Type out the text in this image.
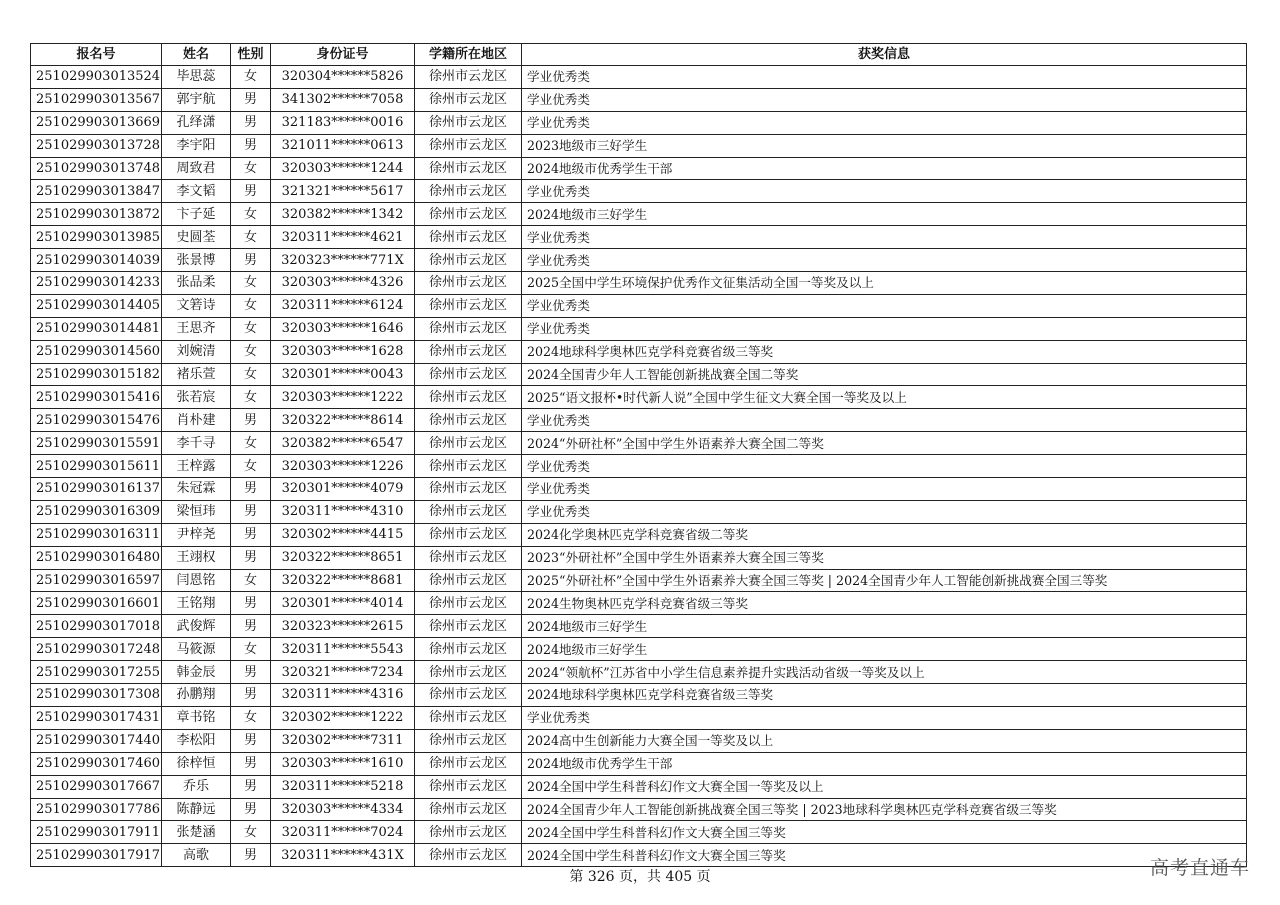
报名号	姓名	性别	身份证号	学籍所在地区	获奖信息
251029903013524	毕思蕊	女	320304******5826	徐州市云龙区	学业优秀类
251029903013567	郭宇航	男	341302******7058	徐州市云龙区	学业优秀类
251029903013669	孔绎潇	男	321183******0016	徐州市云龙区	学业优秀类
251029903013728	李宇阳	男	321011******0613	徐州市云龙区	2023地级市三好学生
251029903013748	周致君	女	320303******1244	徐州市云龙区	2024地级市优秀学生干部
251029903013847	李文韬	男	321321******5617	徐州市云龙区	学业优秀类
251029903013872	卞子延	女	320382******1342	徐州市云龙区	2024地级市三好学生
251029903013985	史圆荃	女	320311******4621	徐州市云龙区	学业优秀类
251029903014039	张景博	男	320323******771X	徐州市云龙区	学业优秀类
251029903014233	张品柔	女	320303******4326	徐州市云龙区	2025全国中学生环境保护优秀作文征集活动全国一等奖及以上
251029903014405	文箬诗	女	320311******6124	徐州市云龙区	学业优秀类
251029903014481	王思齐	女	320303******1646	徐州市云龙区	学业优秀类
251029903014560	刘婉清	女	320303******1628	徐州市云龙区	2024地球科学奥林匹克学科竞赛省级三等奖
251029903015182	褚乐萱	女	320301******0043	徐州市云龙区	2024全国青少年人工智能创新挑战赛全国二等奖
251029903015416	张若宸	女	320303******1222	徐州市云龙区	2025“语文报杯•时代新人说”全国中学生征文大赛全国一等奖及以上
251029903015476	肖朴建	男	320322******8614	徐州市云龙区	学业优秀类
251029903015591	李千寻	女	320382******6547	徐州市云龙区	2024“外研社杯”全国中学生外语素养大赛全国二等奖
251029903015611	王梓露	女	320303******1226	徐州市云龙区	学业优秀类
251029903016137	朱冠霖	男	320301******4079	徐州市云龙区	学业优秀类
251029903016309	梁恒玮	男	320311******4310	徐州市云龙区	学业优秀类
251029903016311	尹梓尧	男	320302******4415	徐州市云龙区	2024化学奥林匹克学科竞赛省级二等奖
251029903016480	王翊权	男	320322******8651	徐州市云龙区	2023“外研社杯”全国中学生外语素养大赛全国三等奖
251029903016597	闫恩铭	女	320322******8681	徐州市云龙区	2025“外研社杯”全国中学生外语素养大赛全国三等奖 | 2024全国青少年人工智能创新挑战赛全国三等奖
251029903016601	王铭翔	男	320301******4014	徐州市云龙区	2024生物奥林匹克学科竞赛省级三等奖
251029903017018	武俊辉	男	320323******2615	徐州市云龙区	2024地级市三好学生
251029903017248	马筱源	女	320311******5543	徐州市云龙区	2024地级市三好学生
251029903017255	韩金辰	男	320321******7234	徐州市云龙区	2024“领航杯”江苏省中小学生信息素养提升实践活动省级一等奖及以上
251029903017308	孙鹏翔	男	320311******4316	徐州市云龙区	2024地球科学奥林匹克学科竞赛省级三等奖
251029903017431	章书铭	女	320302******1222	徐州市云龙区	学业优秀类
251029903017440	李松阳	男	320302******7311	徐州市云龙区	2024高中生创新能力大赛全国一等奖及以上
251029903017460	徐梓恒	男	320303******1610	徐州市云龙区	2024地级市优秀学生干部
251029903017667	乔乐	男	320311******5218	徐州市云龙区	2024全国中学生科普科幻作文大赛全国一等奖及以上
251029903017786	陈静远	男	320303******4334	徐州市云龙区	2024全国青少年人工智能创新挑战赛全国三等奖 | 2023地球科学奥林匹克学科竞赛省级三等奖
251029903017911	张楚涵	女	320311******7024	徐州市云龙区	2024全国中学生科普科幻作文大赛全国三等奖
251029903017917	高歌	男	320311******431X	徐州市云龙区	2024全国中学生科普科幻作文大赛全国三等奖
第 326 页，共 405 页	高考直通车
